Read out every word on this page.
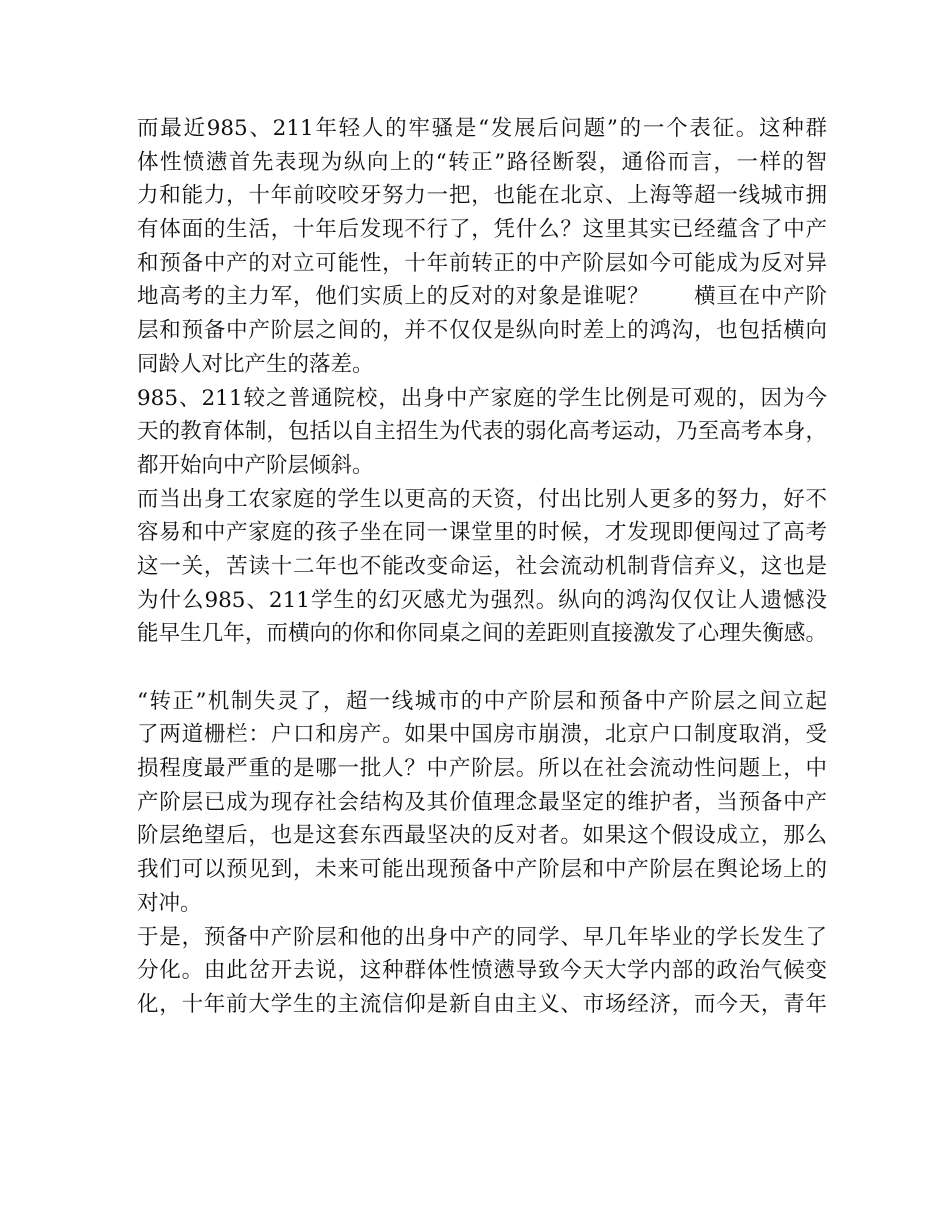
而最近985、211年轻人的牢骚是“发展后问题”的一个表征。这种群
体性愤懑首先表现为纵向上的“转正”路径断裂，通俗而言，一样的智
力和能力，十年前咬咬牙努力一把，也能在北京、上海等超一线城市拥
有体面的生活，十年后发现不行了，凭什么？这里其实已经蕴含了中产
和预备中产的对立可能性，十年前转正的中产阶层如今可能成为反对异
地高考的主力军，他们实质上的反对的对象是谁呢？　　横亘在中产阶
层和预备中产阶层之间的，并不仅仅是纵向时差上的鸿沟，也包括横向
同龄人对比产生的落差。
985、211较之普通院校，出身中产家庭的学生比例是可观的，因为今
天的教育体制，包括以自主招生为代表的弱化高考运动，乃至高考本身，
都开始向中产阶层倾斜。
而当出身工农家庭的学生以更高的天资，付出比别人更多的努力，好不
容易和中产家庭的孩子坐在同一课堂里的时候，才发现即便闯过了高考
这一关，苦读十二年也不能改变命运，社会流动机制背信弃义，这也是
为什么985、211学生的幻灭感尤为强烈。纵向的鸿沟仅仅让人遗憾没
能早生几年，而横向的你和你同桌之间的差距则直接激发了心理失衡感。
“转正”机制失灵了，超一线城市的中产阶层和预备中产阶层之间立起
了两道栅栏：户口和房产。如果中国房市崩溃，北京户口制度取消，受
损程度最严重的是哪一批人？中产阶层。所以在社会流动性问题上，中
产阶层已成为现存社会结构及其价值理念最坚定的维护者，当预备中产
阶层绝望后，也是这套东西最坚决的反对者。如果这个假设成立，那么
我们可以预见到，未来可能出现预备中产阶层和中产阶层在舆论场上的
对冲。
于是，预备中产阶层和他的出身中产的同学、早几年毕业的学长发生了
分化。由此岔开去说，这种群体性愤懑导致今天大学内部的政治气候变
化，十年前大学生的主流信仰是新自由主义、市场经济，而今天，青年
